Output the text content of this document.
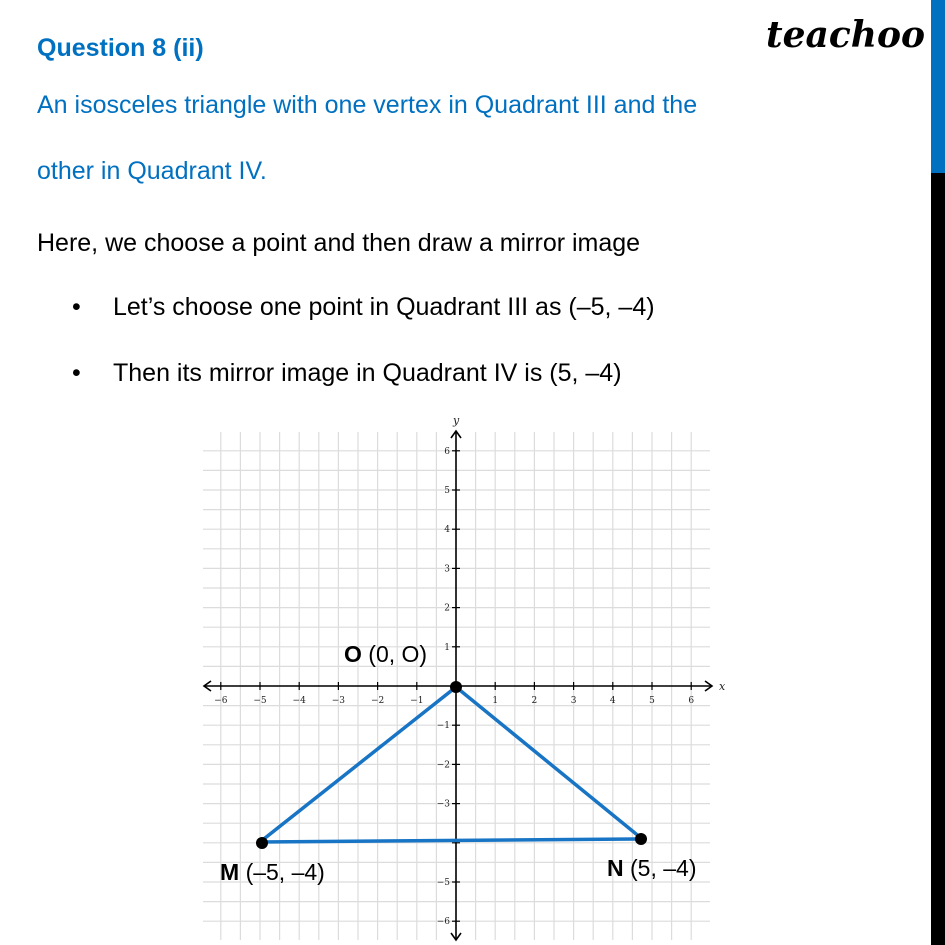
teachoo
Question 8 (ii)
An isosceles triangle with one vertex in Quadrant III and the
other in Quadrant IV.
Here, we choose a point and then draw a mirror image
• Let’s choose one point in Quadrant III as (–5, –4)
• Then its mirror image in Quadrant IV is (5, –4)
−6	−5	−4	−3	−2	−1	1	2	3	4	5	6
6
5
4
3
2
1
−1
−2
−3
−5
−6
x
y
O (0, O)
M (–5, –4)	N (5, –4)
